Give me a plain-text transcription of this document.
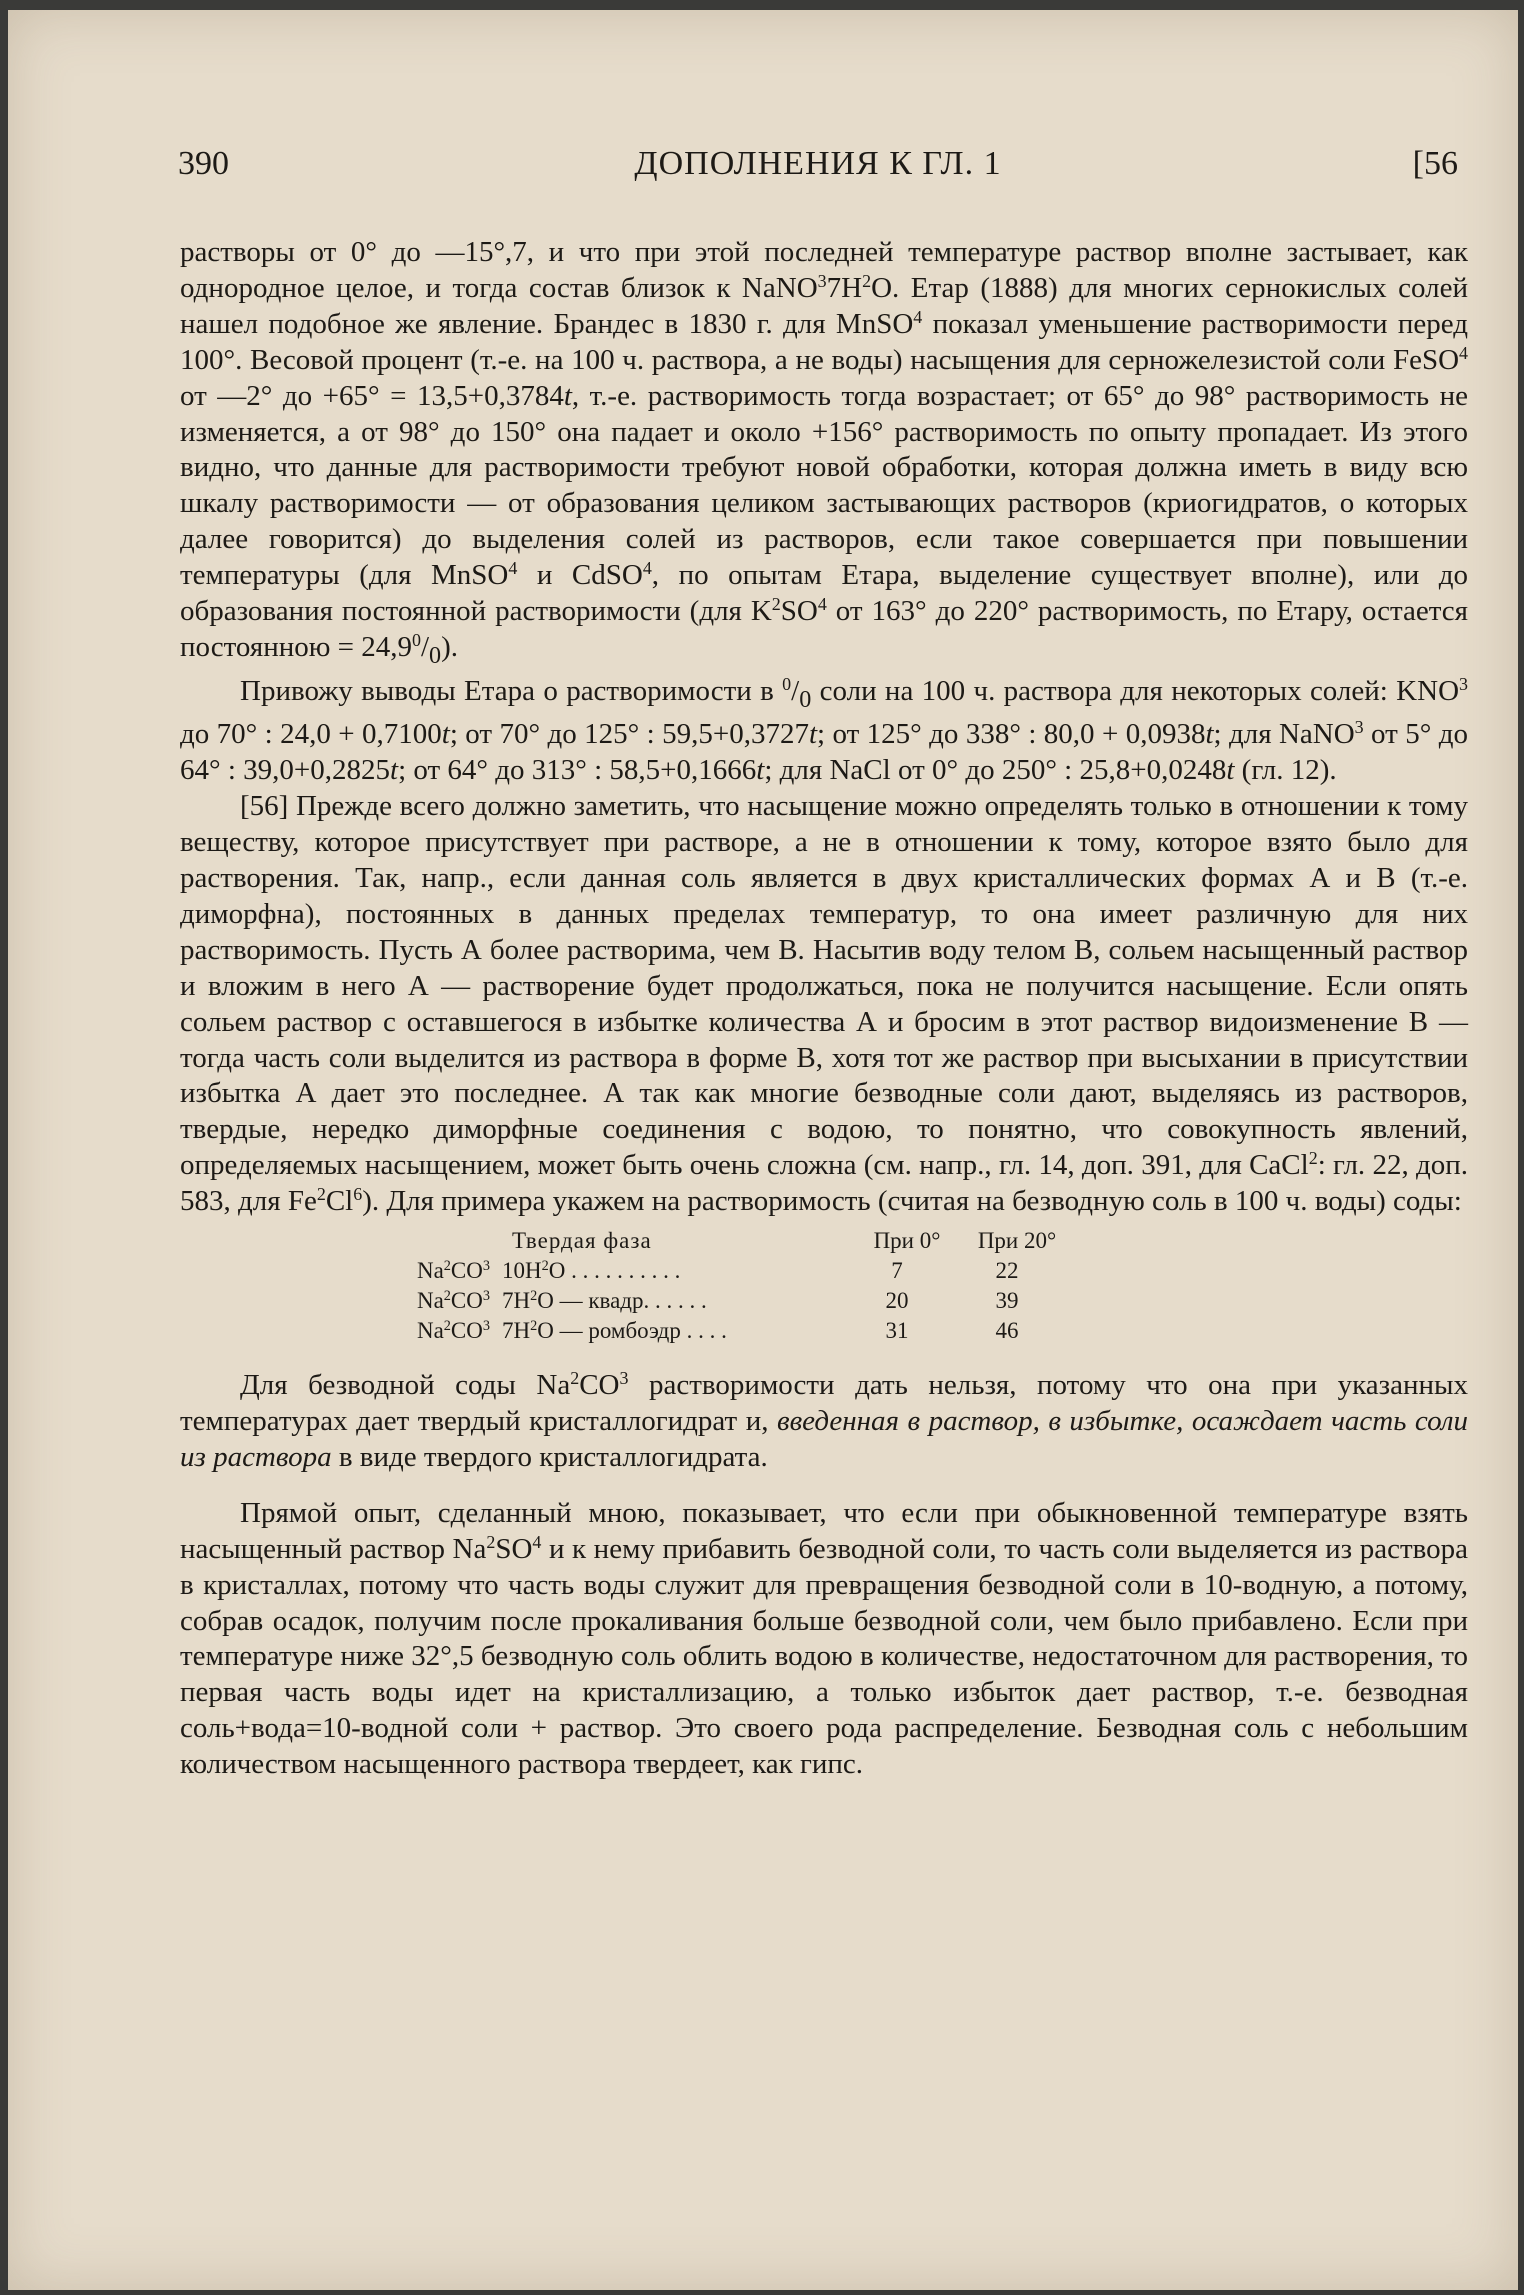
390	ДОПОЛНЕНИЯ К ГЛ. 1	[56

растворы от 0° до —15°,7, и что при этой последней температуре раствор вполне застывает, как однородное целое, и тогда состав близок к $NaNO^37H^2O$. Етар (1888) для многих сернокислых солей нашел подобное же явление. Брандес в 1830 г. для MnSO$^4$ показал уменьшение растворимости перед 100°. Весовой процент (т.-е. на 100 ч. раствора, а не воды) насыщения для серножелезистой соли FeSO$^4$ от —2° до +65° = 13,5+0,3784t, т.-е. растворимость тогда возрастает; от 65° до 98° растворимость не изменяется, а от 98° до 150° она падает и около +156° растворимость по опыту пропадает. Из этого видно, что данные для растворимости требуют новой обработки, которая должна иметь в виду всю шкалу растворимости — от образования целиком застывающих растворов (криогидратов, о которых далее говорится) до выделения солей из растворов, если такое совершается при повышении температуры (для MnSO$^4$ и CdSO$^4$, по опытам Етара, выделение существует вполне), или до образования постоянной растворимости (для $K^2SO^4$ от 163° до 220° растворимость, по Етару, остается постоянною = $24,9^0/_0$).

Привожу выводы Етара о растворимости в $^0/_0$ соли на 100 ч. раствора для некоторых солей: KNO$^3$ до 70° : 24,0 + 0,7100t; от 70° до 125° : 59,5+0,3727t; от 125° до 338° : 80,0 + 0,0938t; для NaNO$^3$ от 5° до 64° : 39,0+0,2825t; от 64° до 313° : 58,5+0,1666t; для NaCl от 0° до 250° : 25,8+0,0248t (гл. 12).

[56] Прежде всего должно заметить, что насыщение можно определять только в отношении к тому веществу, которое присутствует при растворе, а не в отношении к тому, которое взято было для растворения. Так, напр., если данная соль является в двух кристаллических формах А и В (т.-е. диморфна), постоянных в данных пределах температур, то она имеет различную для них растворимость. Пусть А более растворима, чем В. Насытив воду телом В, сольем насыщенный раствор и вложим в него А — растворение будет продолжаться, пока не получится насыщение. Если опять сольем раствор с оставшегося в избытке количества А и бросим в этот раствор видоизменение В — тогда часть соли выделится из раствора в форме В, хотя тот же раствор при высыхании в присутствии избытка А дает это последнее. А так как многие безводные соли дают, выделяясь из растворов, твердые, нередко диморфные соединения с водою, то понятно, что совокупность явлений, определяемых насыщением, может быть очень сложна (см. напр., гл. 14, доп. 391, для CaCl$^2$: гл. 22, доп. 583, для Fe$^2$Cl$^6$). Для примера укажем на растворимость (считая на безводную соль в 100 ч. воды) соды:

Твердая фаза	При 0°	При 20°
$Na^2CO^3$ $10H^2O$ . . . . . . . . . .	7	22
$Na^2CO^3$ $7H^2O$ — квадр. . . . . .	20	39
$Na^2CO^3$ $7H^2O$ — ромбоэдр . . . .	31	46

Для безводной соды $Na^2CO^3$ растворимости дать нельзя, потому что она при указанных температурах дает твердый кристаллогидрат и, введенная в раствор, в избытке, осаждает часть соли из раствора в виде твердого кристаллогидрата.

Прямой опыт, сделанный мною, показывает, что если при обыкновенной температуре взять насыщенный раствор $Na^2SO^4$ и к нему прибавить безводной соли, то часть соли выделяется из раствора в кристаллах, потому что часть воды служит для превращения безводной соли в 10-водную, а потому, собрав осадок, получим после прокаливания больше безводной соли, чем было прибавлено. Если при температуре ниже 32°,5 безводную соль облить водою в количестве, недостаточном для растворения, то первая часть воды идет на кристаллизацию, а только избыток дает раствор, т.-е. безводная соль+вода=10-водной соли + раствор. Это своего рода распределение. Безводная соль с небольшим количеством насыщенного раствора твердеет, как гипс.
